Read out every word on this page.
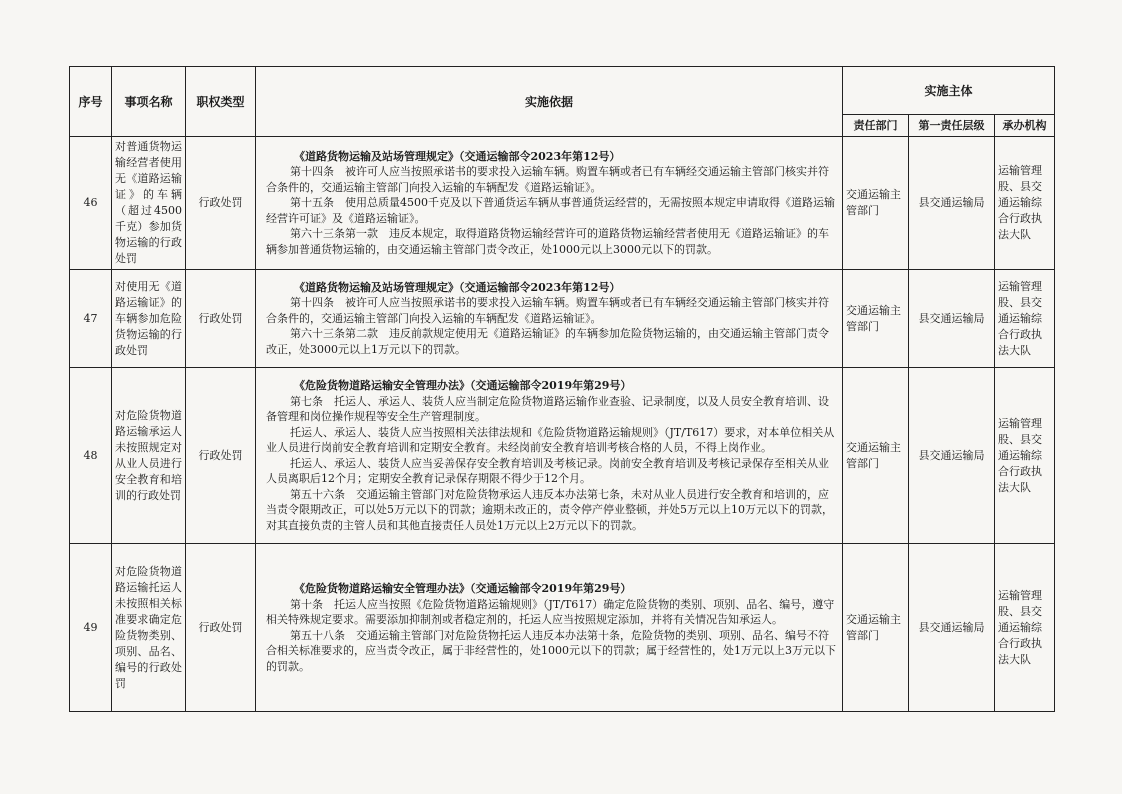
序号	事项名称	职权类型	实施依据	实施主体		
				责任部门	第一责任层级	承办机构
46	对普通货物运输经营者使用无《道路运输证》的车辆（超过4500千克）参加货物运输的行政处罚	行政处罚	《道路货物运输及站场管理规定》（交通运输部令2023年第12号）

第十四条　被许可人应当按照承诺书的要求投入运输车辆。购置车辆或者已有车辆经交通运输主管部门核实并符合条件的，交通运输主管部门向投入运输的车辆配发《道路运输证》。

第十五条　使用总质量4500千克及以下普通货运车辆从事普通货运经营的，无需按照本规定申请取得《道路运输经营许可证》及《道路运输证》。

第六十三条第一款　违反本规定，取得道路货物运输经营许可的道路货物运输经营者使用无《道路运输证》的车辆参加普通货物运输的，由交通运输主管部门责令改正，处1000元以上3000元以下的罚款。	交通运输主管部门	县交通运输局	运输管理股、县交通运输综合行政执法大队
47	对使用无《道路运输证》的车辆参加危险货物运输的行政处罚	行政处罚	《道路货物运输及站场管理规定》（交通运输部令2023年第12号）

第十四条　被许可人应当按照承诺书的要求投入运输车辆。购置车辆或者已有车辆经交通运输主管部门核实并符合条件的，交通运输主管部门向投入运输的车辆配发《道路运输证》。

第六十三条第二款　违反前款规定使用无《道路运输证》的车辆参加危险货物运输的，由交通运输主管部门责令改正，处3000元以上1万元以下的罚款。	交通运输主管部门	县交通运输局	运输管理股、县交通运输综合行政执法大队
48	对危险货物道路运输承运人未按照规定对从业人员进行安全教育和培训的行政处罚	行政处罚	《危险货物道路运输安全管理办法》（交通运输部令2019年第29号）

第七条　托运人、承运人、装货人应当制定危险货物道路运输作业查验、记录制度，以及人员安全教育培训、设备管理和岗位操作规程等安全生产管理制度。

托运人、承运人、装货人应当按照相关法律法规和《危险货物道路运输规则》（JT/T617）要求，对本单位相关从业人员进行岗前安全教育培训和定期安全教育。未经岗前安全教育培训考核合格的人员，不得上岗作业。

托运人、承运人、装货人应当妥善保存安全教育培训及考核记录。岗前安全教育培训及考核记录保存至相关从业人员离职后12个月；定期安全教育记录保存期限不得少于12个月。

第五十六条　交通运输主管部门对危险货物承运人违反本办法第七条，未对从业人员进行安全教育和培训的，应当责令限期改正，可以处5万元以下的罚款；逾期未改正的，责令停产停业整顿，并处5万元以上10万元以下的罚款，对其直接负责的主管人员和其他直接责任人员处1万元以上2万元以下的罚款。	交通运输主管部门	县交通运输局	运输管理股、县交通运输综合行政执法大队
49	对危险货物道路运输托运人未按照相关标准要求确定危险货物类别、项别、品名、编号的行政处罚	行政处罚	《危险货物道路运输安全管理办法》（交通运输部令2019年第29号）

第十条　托运人应当按照《危险货物道路运输规则》（JT/T617）确定危险货物的类别、项别、品名、编号，遵守相关特殊规定要求。需要添加抑制剂或者稳定剂的，托运人应当按照规定添加，并将有关情况告知承运人。

第五十八条　交通运输主管部门对危险货物托运人违反本办法第十条，危险货物的类别、项别、品名、编号不符合相关标准要求的，应当责令改正，属于非经营性的，处1000元以下的罚款；属于经营性的，处1万元以上3万元以下的罚款。	交通运输主管部门	县交通运输局	运输管理股、县交通运输综合行政执法大队
